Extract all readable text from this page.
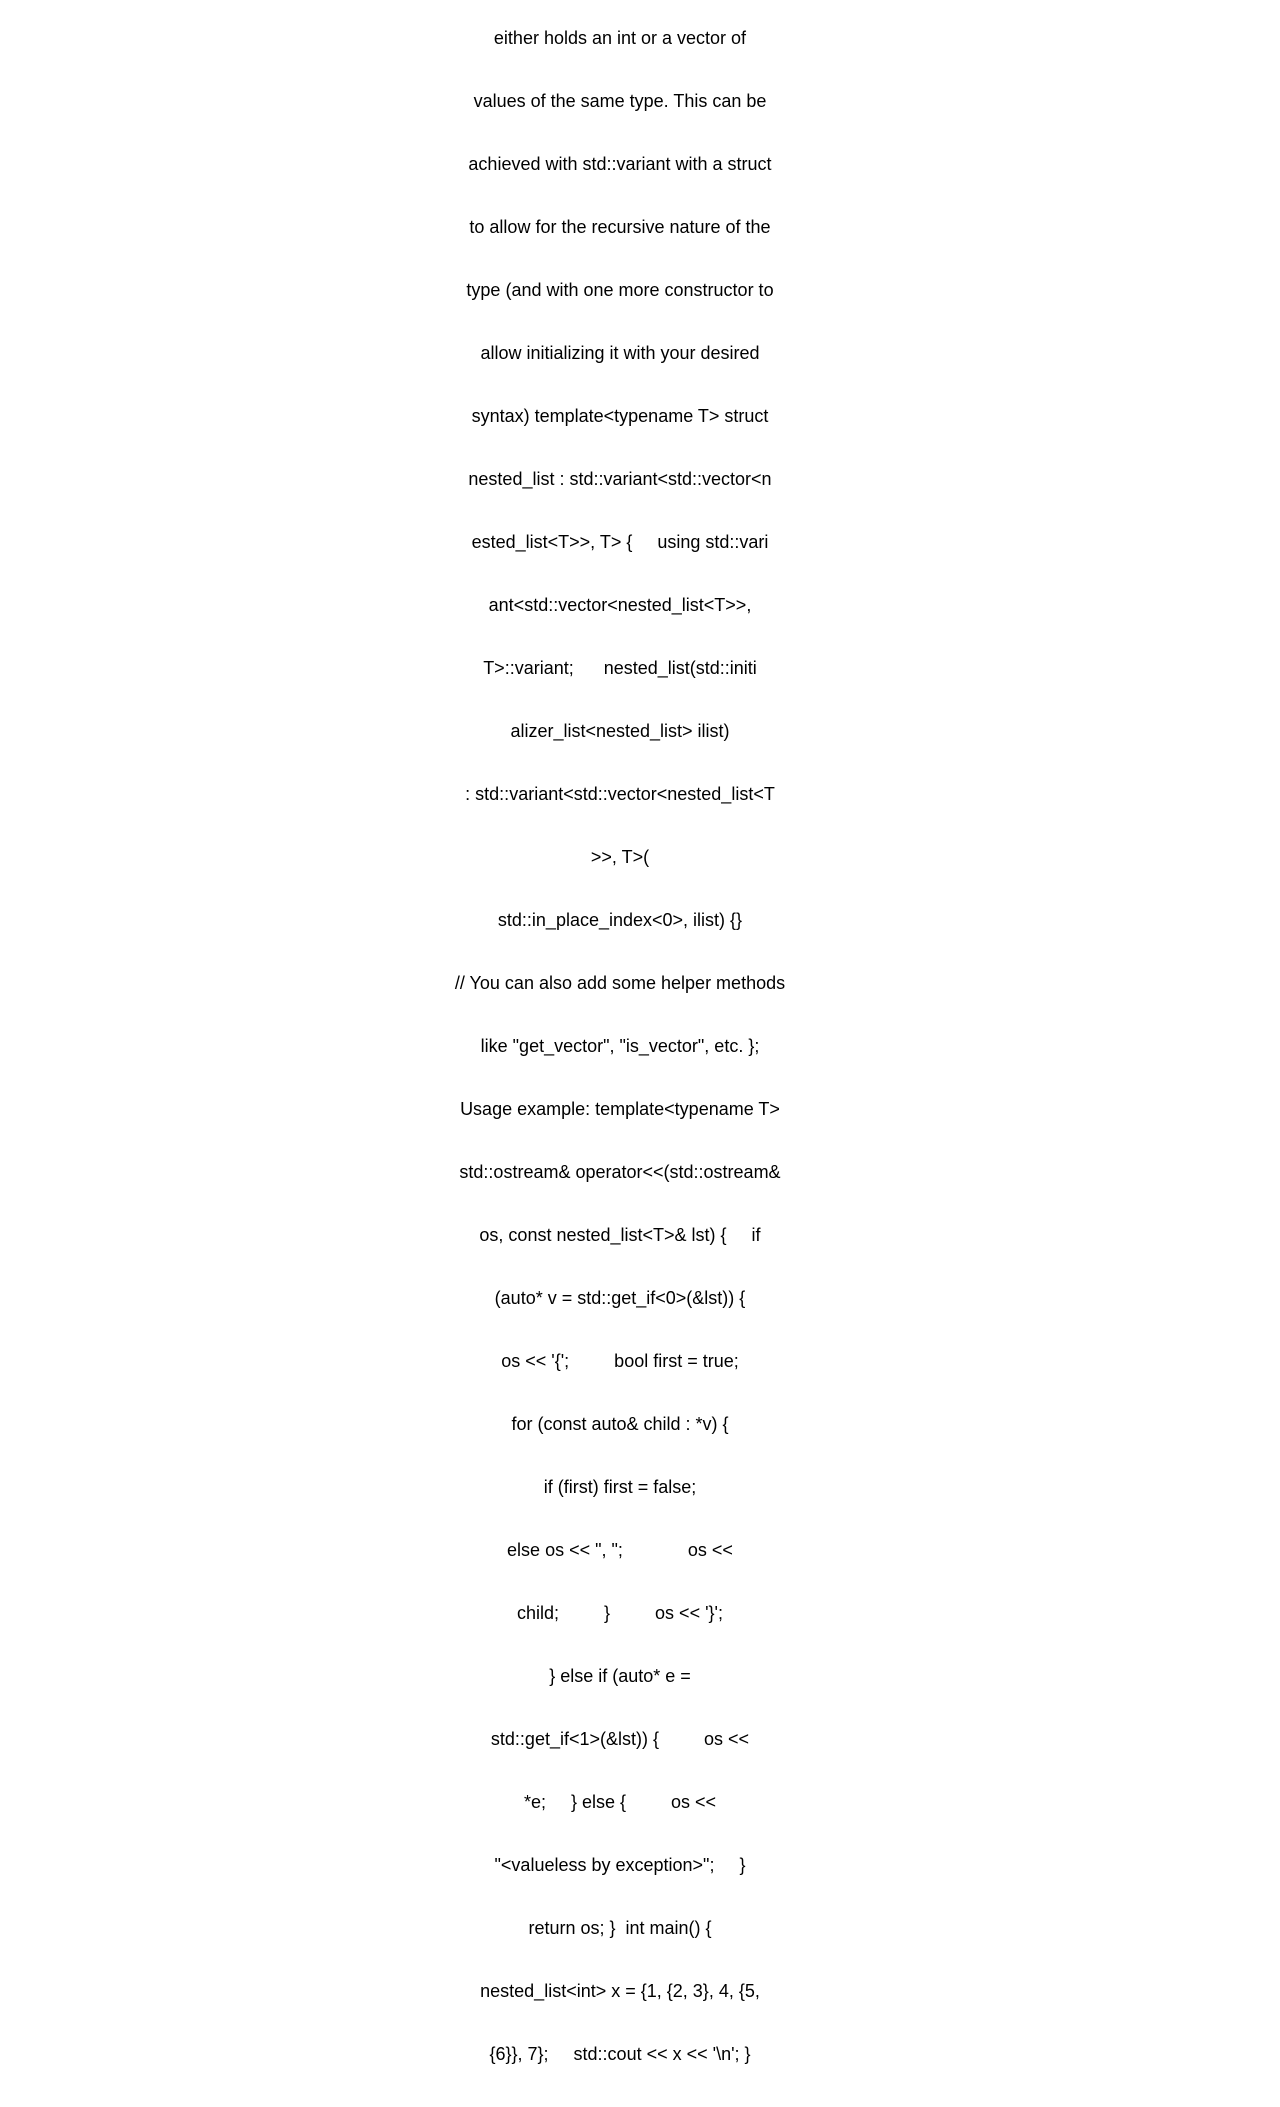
either holds an int or a vector of

values of the same type. This can be

achieved with std::variant with a struct

to allow for the recursive nature of the

type (and with one more constructor to

allow initializing it with your desired

syntax) template<typename T> struct

nested_list : std::variant<std::vector<n

ested_list<T>>, T> {     using std::vari

ant<std::vector<nested_list<T>>,

T>::variant;      nested_list(std::initi

alizer_list<nested_list> ilist)

: std::variant<std::vector<nested_list<T

>>, T>(

std::in_place_index<0>, ilist) {}

// You can also add some helper methods

like "get_vector", "is_vector", etc. };

Usage example: template<typename T>

std::ostream& operator<<(std::ostream&

os, const nested_list<T>& lst) {     if

(auto* v = std::get_if<0>(&lst)) {

os << '{';         bool first = true;

for (const auto& child : *v) {

if (first) first = false;

else os << ", ";             os <<

child;         }         os << '}';

} else if (auto* e =

std::get_if<1>(&lst)) {         os <<

*e;     } else {         os <<

"<valueless by exception>";     }

return os; }  int main() {

nested_list<int> x = {1, {2, 3}, 4, {5,

{6}}, 7};     std::cout << x << '\n'; }
